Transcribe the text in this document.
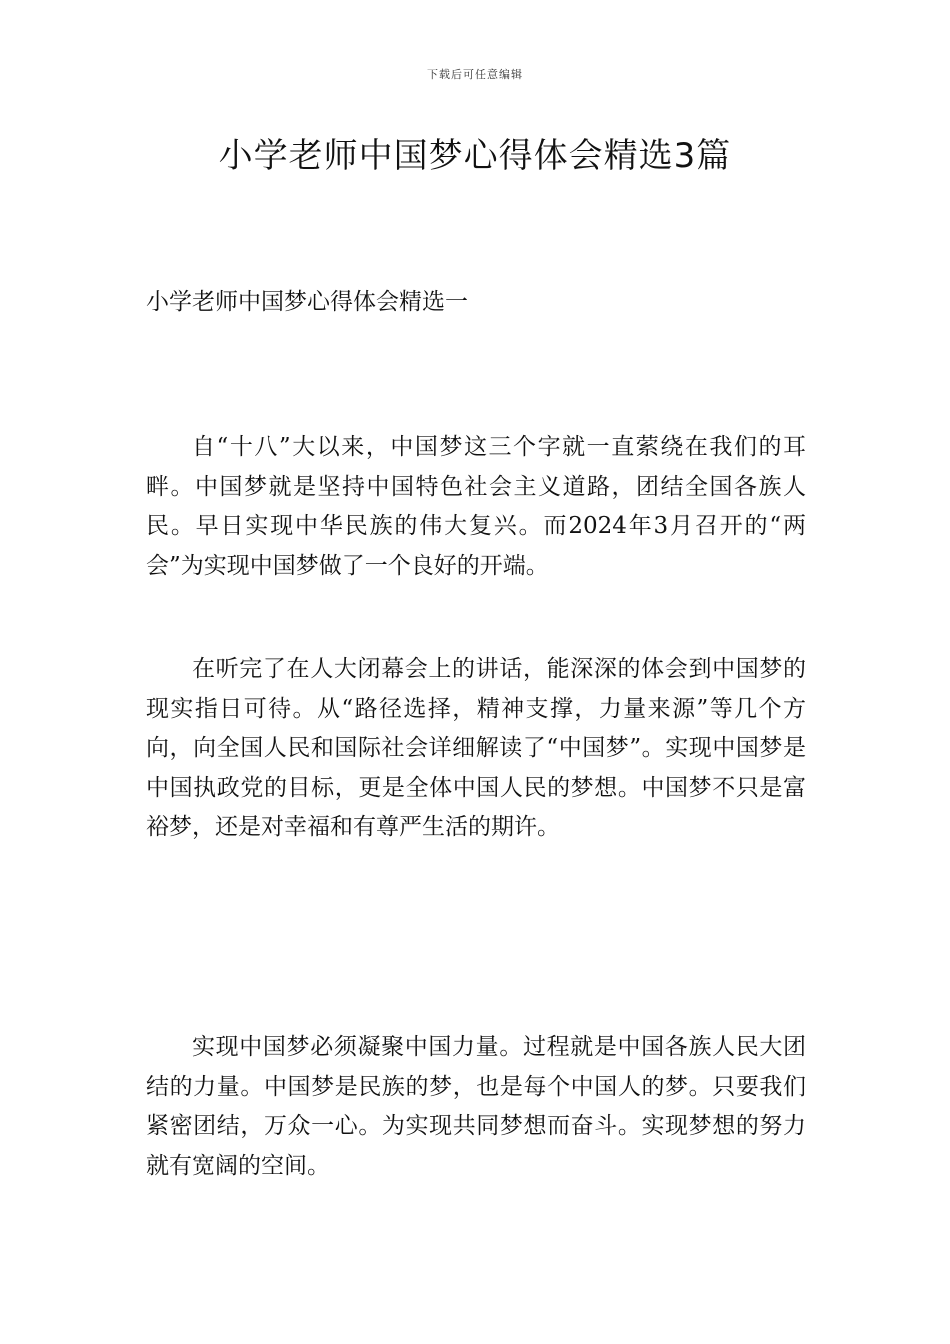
下载后可任意编辑
小学老师中国梦心得体会精选3篇
小学老师中国梦心得体会精选一

自“十八”大以来，中国梦这三个字就一直萦绕在我们的耳畔。中国梦就是坚持中国特色社会主义道路，团结全国各族人民。早日实现中华民族的伟大复兴。而2024年3月召开的“两会”为实现中国梦做了一个良好的开端。

在听完了在人大闭幕会上的讲话，能深深的体会到中国梦的现实指日可待。从“路径选择，精神支撑，力量来源”等几个方向，向全国人民和国际社会详细解读了“中国梦”。实现中国梦是中国执政党的目标，更是全体中国人民的梦想。中国梦不只是富裕梦，还是对幸福和有尊严生活的期许。

实现中国梦必须凝聚中国力量。过程就是中国各族人民大团结的力量。中国梦是民族的梦，也是每个中国人的梦。只要我们紧密团结，万众一心。为实现共同梦想而奋斗。实现梦想的努力就有宽阔的空间。
